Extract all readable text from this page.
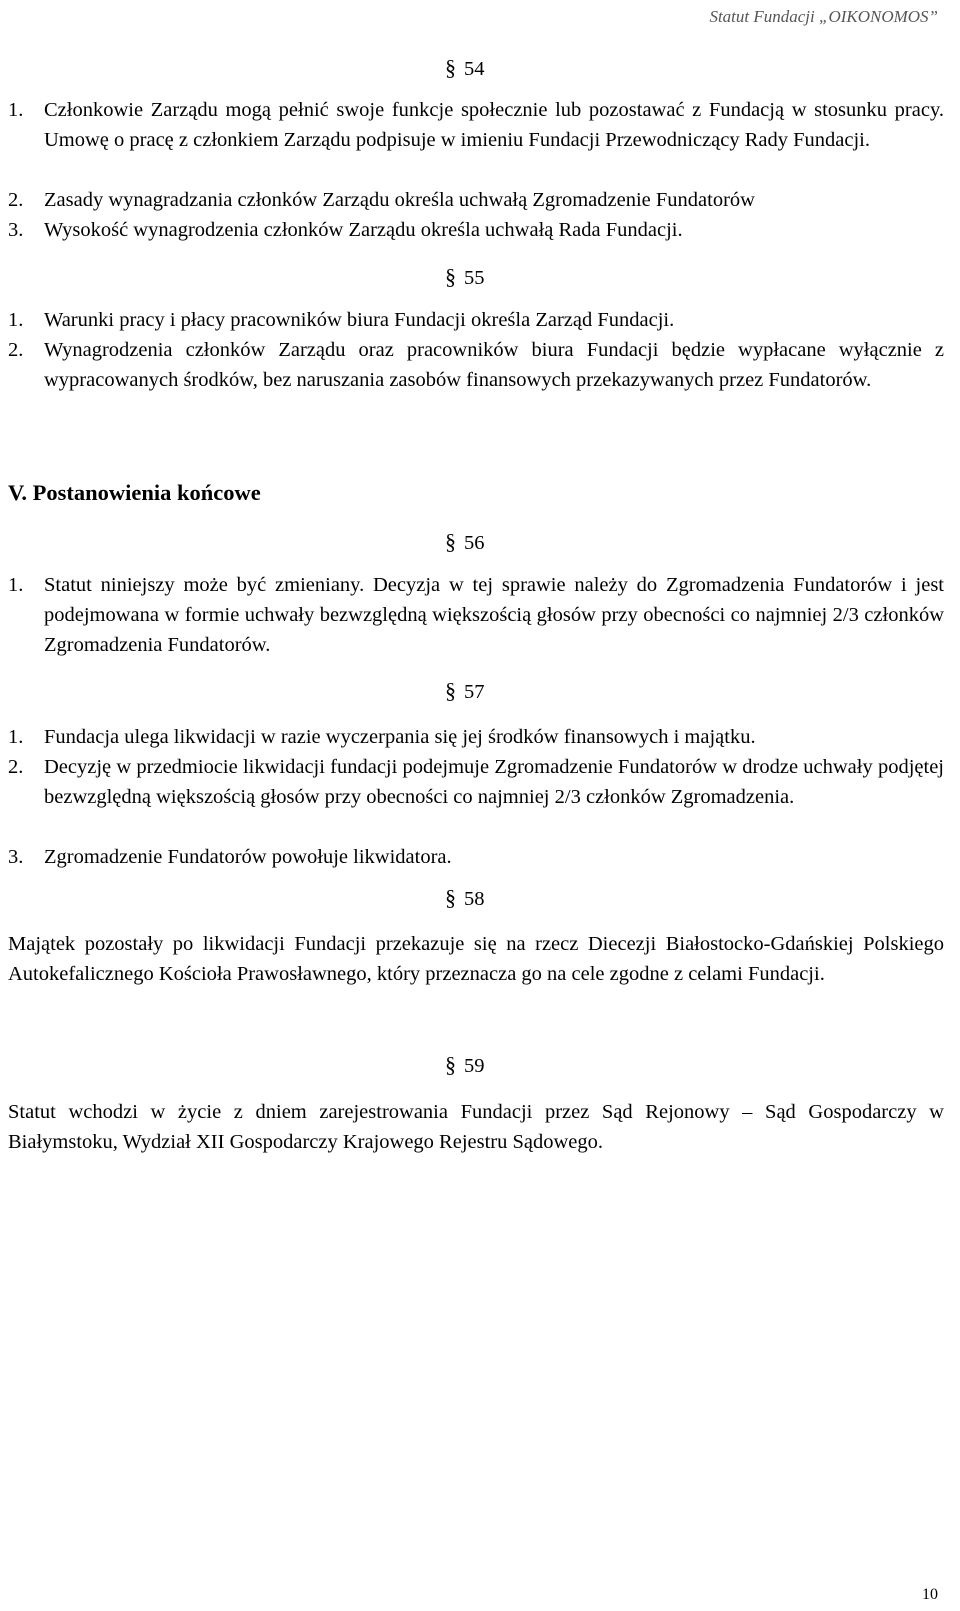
Statut Fundacji „OIKONOMOS”
§ 54
1. Członkowie Zarządu mogą pełnić swoje funkcje społecznie lub pozostawać z Fundacją w stosunku pracy. Umowę o pracę z członkiem Zarządu podpisuje w imieniu Fundacji Przewodniczący Rady Fundacji.
2. Zasady wynagradzania członków Zarządu określa uchwałą Zgromadzenie Fundatorów
3. Wysokość wynagrodzenia członków Zarządu określa uchwałą Rada Fundacji.
§ 55
1. Warunki pracy i płacy pracowników biura Fundacji określa Zarząd Fundacji.
2. Wynagrodzenia członków Zarządu oraz pracowników biura Fundacji będzie wypłacane wyłącznie z wypracowanych środków, bez naruszania zasobów finansowych przekazywanych przez Fundatorów.
V. Postanowienia końcowe
§ 56
1. Statut niniejszy może być zmieniany. Decyzja w tej sprawie należy do Zgromadzenia Fundatorów i jest podejmowana w formie uchwały bezwzględną większością głosów przy obecności co najmniej 2/3 członków Zgromadzenia Fundatorów.
§ 57
1. Fundacja ulega likwidacji w razie wyczerpania się jej środków finansowych i majątku.
2. Decyzję w przedmiocie likwidacji fundacji podejmuje Zgromadzenie Fundatorów w drodze uchwały podjętej bezwzględną większością głosów przy obecności co najmniej 2/3 członków Zgromadzenia.
3. Zgromadzenie Fundatorów powołuje likwidatora.
§ 58
Majątek pozostały po likwidacji Fundacji przekazuje się na rzecz Diecezji Białostocko-Gdańskiej Polskiego Autokefalicznego Kościoła Prawosławnego, który przeznacza go na cele zgodne z celami Fundacji.
§ 59
Statut wchodzi w życie z dniem zarejestrowania Fundacji przez Sąd Rejonowy – Sąd Gospodarczy w Białymstoku, Wydział XII Gospodarczy Krajowego Rejestru Sądowego.
10
